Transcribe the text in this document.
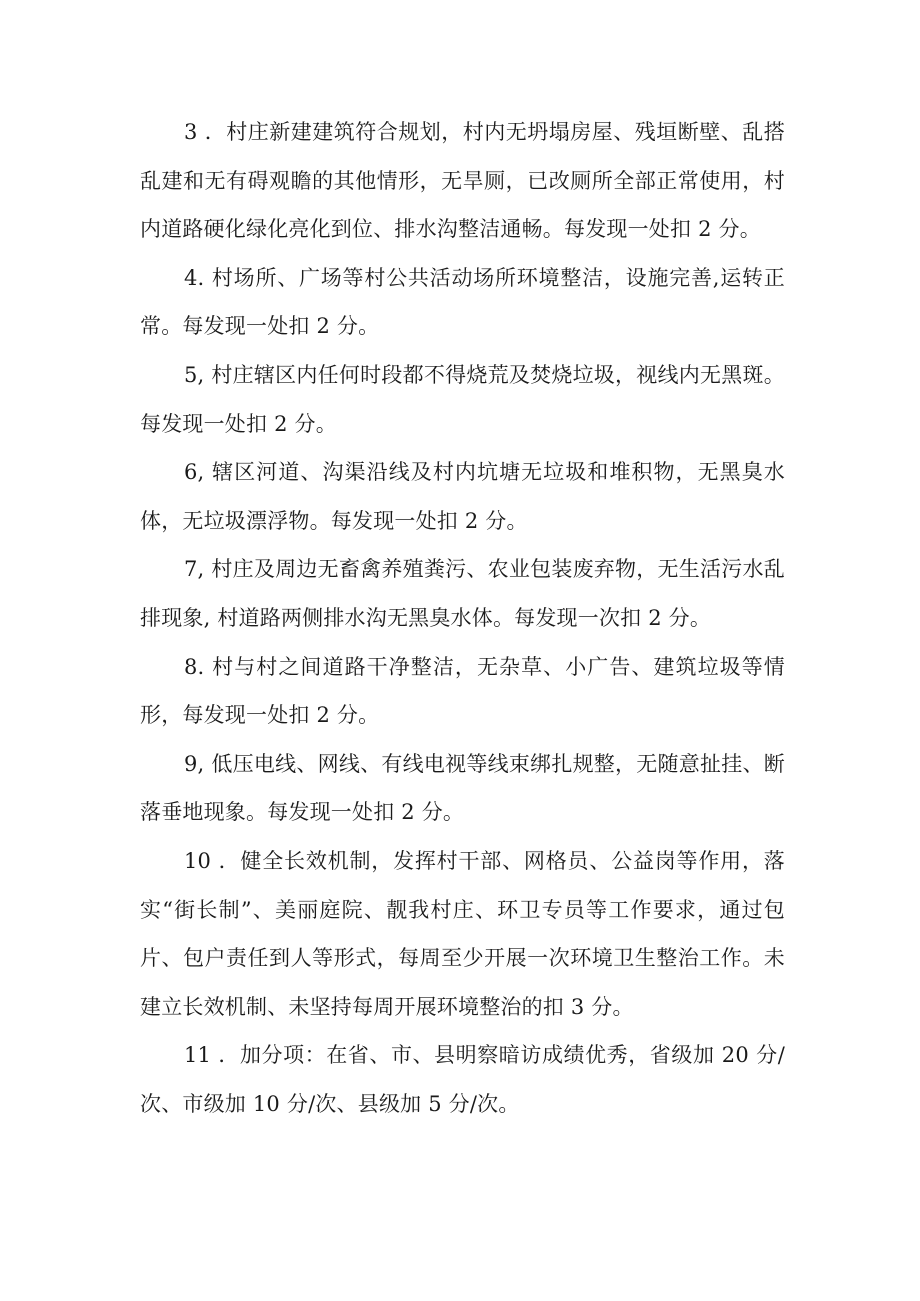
3 ．村庄新建建筑符合规划，村内无坍塌房屋、残垣断壁、乱搭乱建和无有碍观瞻的其他情形，无旱厕，已改厕所全部正常使用，村内道路硬化绿化亮化到位、排水沟整洁通畅。每发现一处扣 2 分。

4. 村场所、广场等村公共活动场所环境整洁，设施完善,运转正常。每发现一处扣 2 分。

5, 村庄辖区内任何时段都不得烧荒及焚烧垃圾，视线内无黑斑。每发现一处扣 2 分。

6, 辖区河道、沟渠沿线及村内坑塘无垃圾和堆积物，无黑臭水体，无垃圾漂浮物。每发现一处扣 2 分。

7, 村庄及周边无畜禽养殖粪污、农业包装废弃物，无生活污水乱排现象, 村道路两侧排水沟无黑臭水体。每发现一次扣 2 分。

8. 村与村之间道路干净整洁，无杂草、小广告、建筑垃圾等情形，每发现一处扣 2 分。

9, 低压电线、网线、有线电视等线束绑扎规整，无随意扯挂、断落垂地现象。每发现一处扣 2 分。

10 ．健全长效机制，发挥村干部、网格员、公益岗等作用，落实“街长制”、美丽庭院、靓我村庄、环卫专员等工作要求，通过包片、包户责任到人等形式，每周至少开展一次环境卫生整治工作。未建立长效机制、未坚持每周开展环境整治的扣 3 分。

11 ．加分项：在省、市、县明察暗访成绩优秀，省级加 20 分/次、市级加 10 分/次、县级加 5 分/次。
